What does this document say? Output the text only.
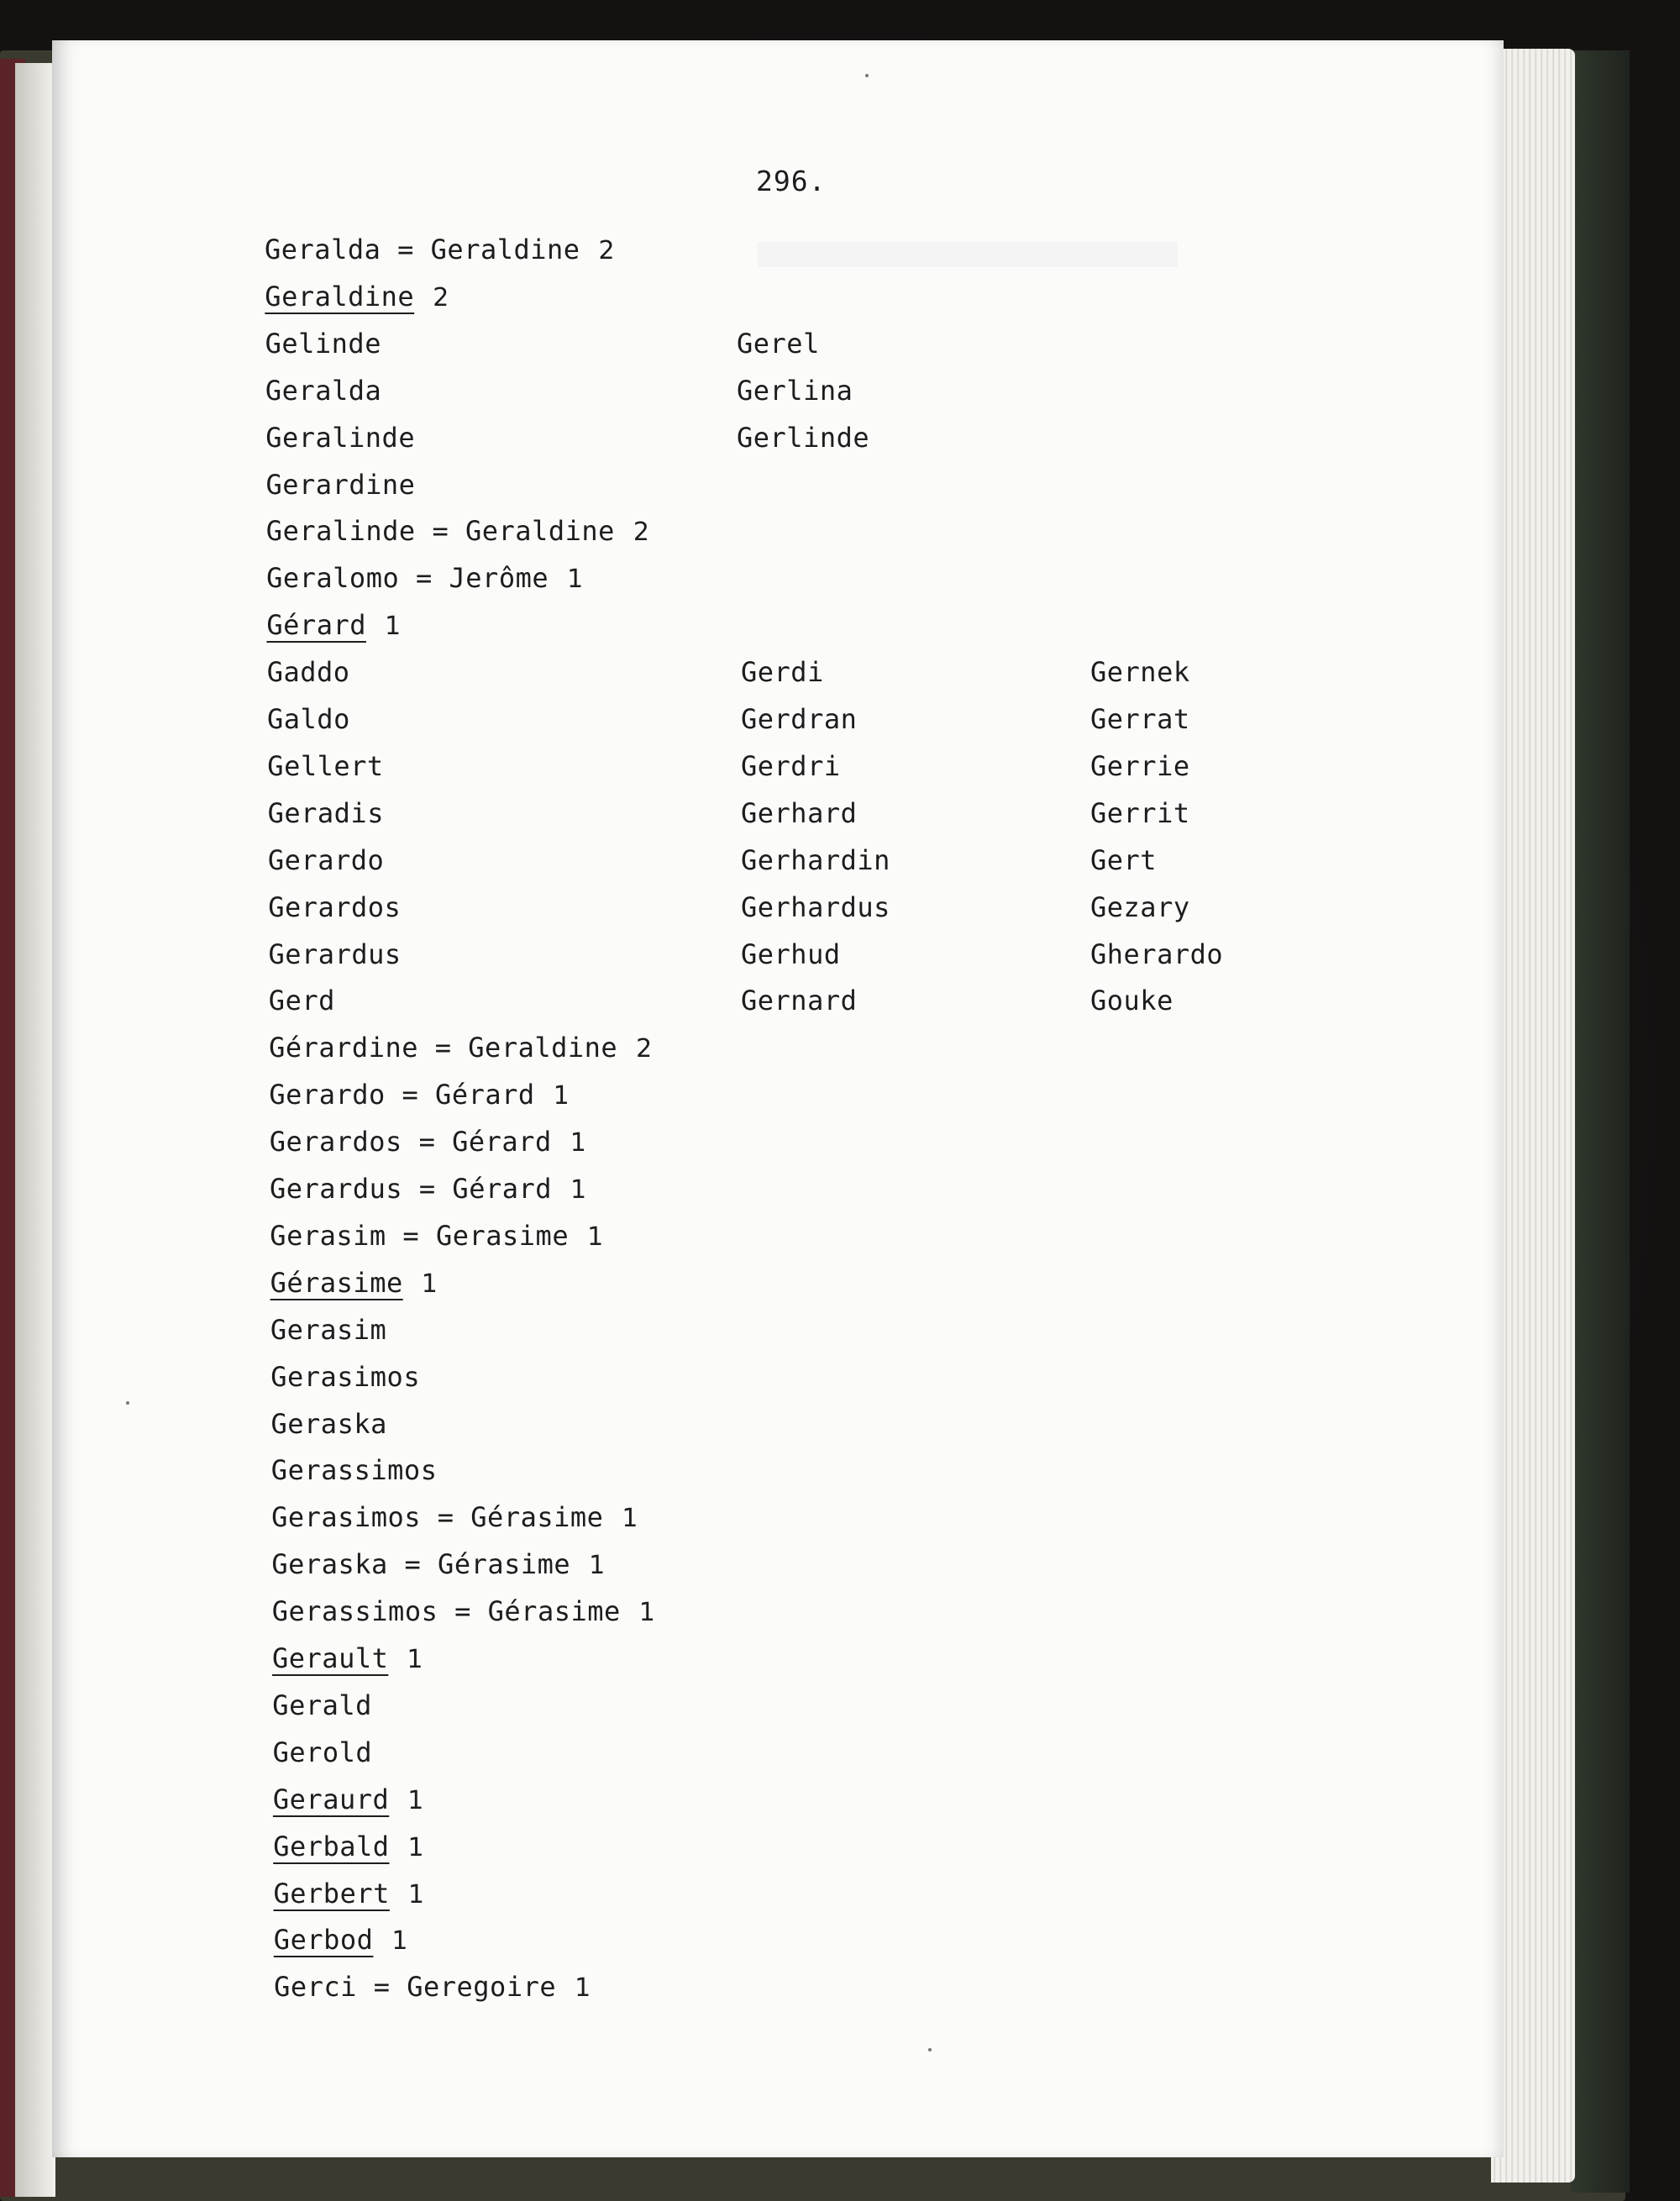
296.
Geralda = Geraldine 2
Geraldine 2
Gelinde
Geralda
Geralinde
Gerardine
Geralinde = Geraldine 2
Geralomo = Jerôme 1
Gérard 1
Gaddo
Galdo
Gellert
Geradis
Gerardo
Gerardos
Gerardus
Gerd
Gérardine = Geraldine 2
Gerardo = Gérard 1
Gerardos = Gérard 1
Gerardus = Gérard 1
Gerasim = Gerasime 1
Gérasime 1
Gerasim
Gerasimos
Geraska
Gerassimos
Gerasimos = Gérasime 1
Geraska = Gérasime 1
Gerassimos = Gérasime 1
Gerault 1
Gerald
Gerold
Geraurd 1
Gerbald 1
Gerbert 1
Gerbod 1
Gerci = Geregoire 1
Gerel
Gerlina
Gerlinde
Gerdi
Gerdran
Gerdri
Gerhard
Gerhardin
Gerhardus
Gerhud
Gernard
Gernek
Gerrat
Gerrie
Gerrit
Gert
Gezary
Gherardo
Gouke
